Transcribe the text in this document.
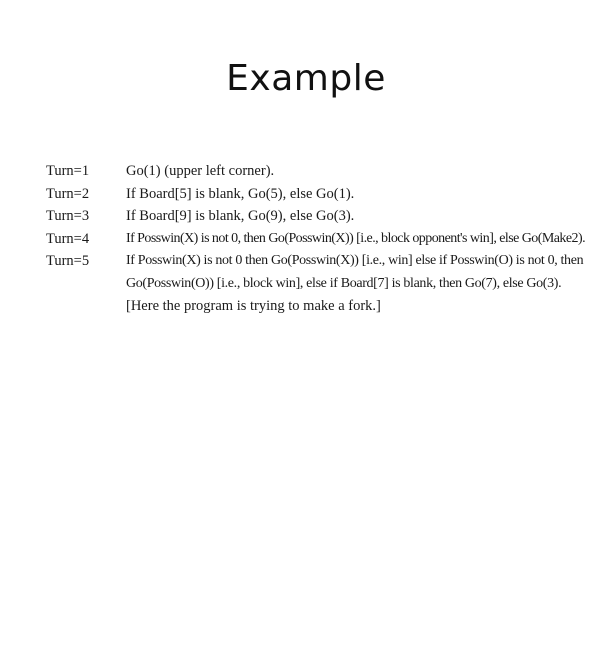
Example
Turn=1	Go(1) (upper left corner).
Turn=2	If Board[5] is blank, Go(5), else Go(1).
Turn=3	If Board[9] is blank, Go(9), else Go(3).
Turn=4	If Posswin(X) is not 0, then Go(Posswin(X)) [i.e., block opponent's win], else Go(Make2).
Turn=5	If Posswin(X) is not 0 then Go(Posswin(X)) [i.e., win] else if Posswin(O) is not 0, then
Go(Posswin(O)) [i.e., block win], else if Board[7] is blank, then Go(7), else Go(3).
[Here the program is trying to make a fork.]
